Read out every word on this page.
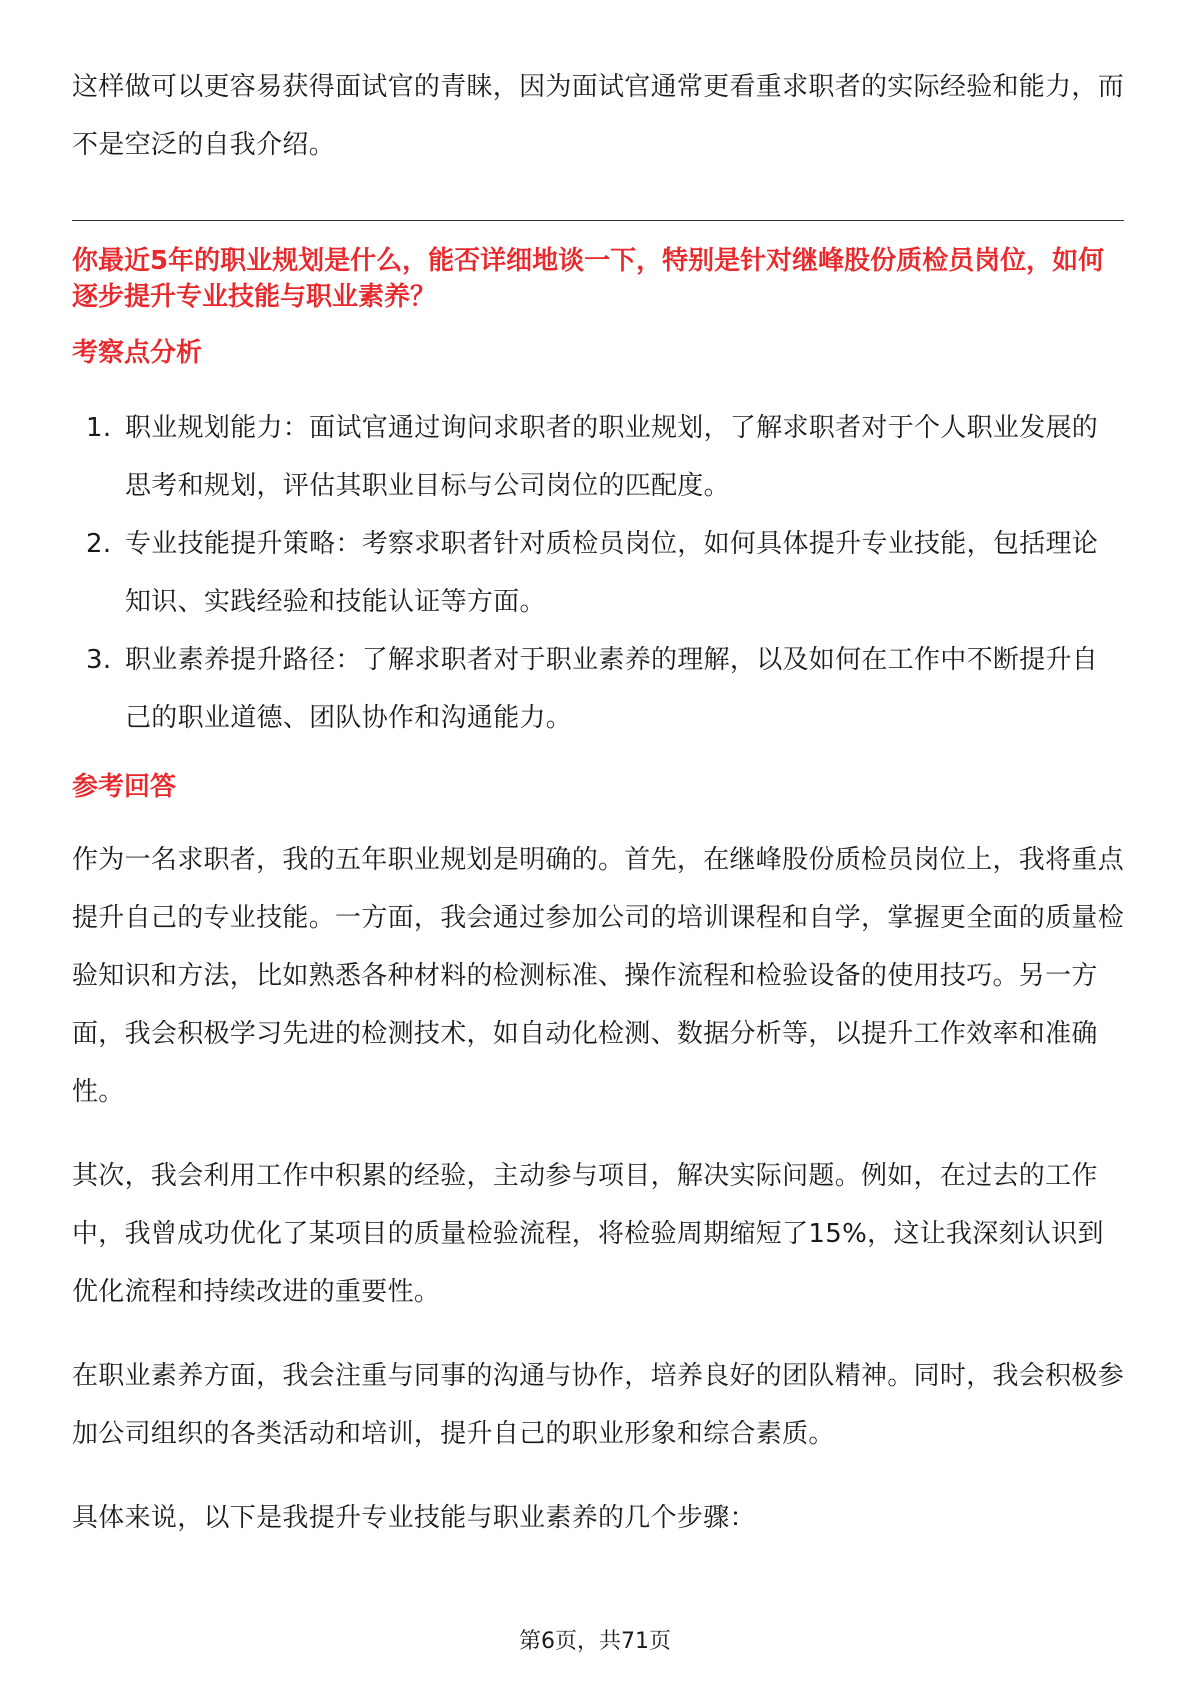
这样做可以更容易获得面试官的青睐，因为面试官通常更看重求职者的实际经验和能力，而不是空泛的自我介绍。

你最近5年的职业规划是什么，能否详细地谈一下，特别是针对继峰股份质检员岗位，如何逐步提升专业技能与职业素养？

考察点分析

1. 职业规划能力：面试官通过询问求职者的职业规划，了解求职者对于个人职业发展的思考和规划，评估其职业目标与公司岗位的匹配度。
2. 专业技能提升策略：考察求职者针对质检员岗位，如何具体提升专业技能，包括理论知识、实践经验和技能认证等方面。
3. 职业素养提升路径：了解求职者对于职业素养的理解，以及如何在工作中不断提升自己的职业道德、团队协作和沟通能力。

参考回答

作为一名求职者，我的五年职业规划是明确的。首先，在继峰股份质检员岗位上，我将重点提升自己的专业技能。一方面，我会通过参加公司的培训课程和自学，掌握更全面的质量检验知识和方法，比如熟悉各种材料的检测标准、操作流程和检验设备的使用技巧。另一方面，我会积极学习先进的检测技术，如自动化检测、数据分析等，以提升工作效率和准确性。

其次，我会利用工作中积累的经验，主动参与项目，解决实际问题。例如，在过去的工作中，我曾成功优化了某项目的质量检验流程，将检验周期缩短了15%，这让我深刻认识到优化流程和持续改进的重要性。

在职业素养方面，我会注重与同事的沟通与协作，培养良好的团队精神。同时，我会积极参加公司组织的各类活动和培训，提升自己的职业形象和综合素质。

具体来说，以下是我提升专业技能与职业素养的几个步骤：

第6页，共71页
